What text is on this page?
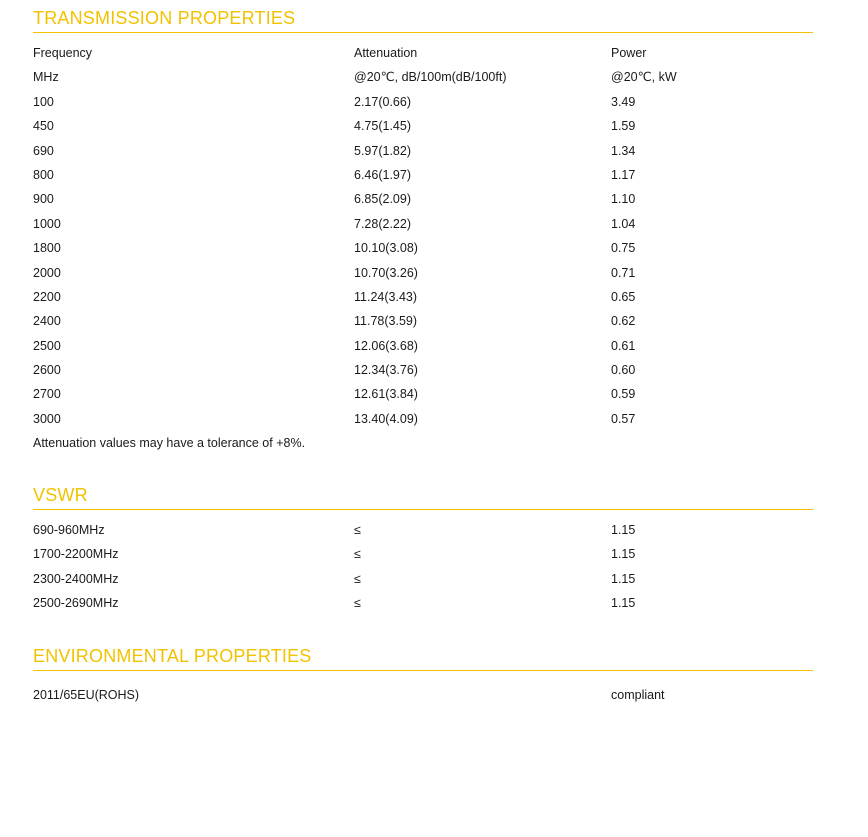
TRANSMISSION PROPERTIES
Frequency	Attenuation	Power
MHz	@20℃, dB/100m(dB/100ft)	@20℃, kW
100	2.17(0.66)	3.49
450	4.75(1.45)	1.59
690	5.97(1.82)	1.34
800	6.46(1.97)	1.17
900	6.85(2.09)	1.10
1000	7.28(2.22)	1.04
1800	10.10(3.08)	0.75
2000	10.70(3.26)	0.71
2200	11.24(3.43)	0.65
2400	11.78(3.59)	0.62
2500	12.06(3.68)	0.61
2600	12.34(3.76)	0.60
2700	12.61(3.84)	0.59
3000	13.40(4.09)	0.57
Attenuation values may have a tolerance of +8%.
VSWR
690-960MHz	≤	1.15
1700-2200MHz	≤	1.15
2300-2400MHz	≤	1.15
2500-2690MHz	≤	1.15
ENVIRONMENTAL PROPERTIES
2011/65EU(ROHS)	compliant
